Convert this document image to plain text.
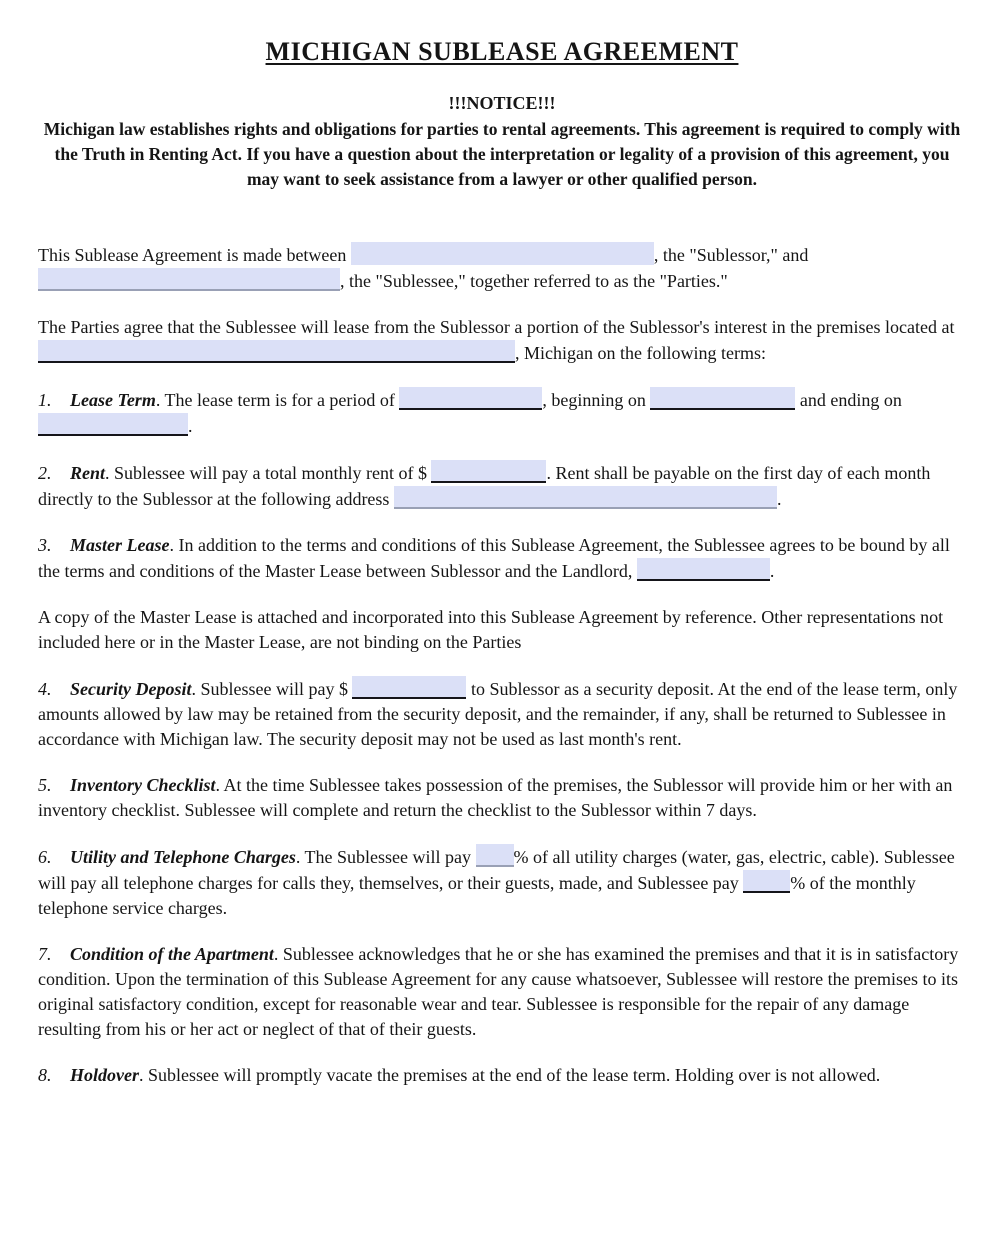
MICHIGAN SUBLEASE AGREEMENT
!!!NOTICE!!!
Michigan law establishes rights and obligations for parties to rental agreements. This agreement is required to comply with the Truth in Renting Act. If you have a question about the interpretation or legality of a provision of this agreement, you may want to seek assistance from a lawyer or other qualified person.

This Sublease Agreement is made between	, the "Sublessor," and , the "Sublessee," together referred to as the "Parties."

The Parties agree that the Sublessee will lease from the Sublessor a portion of the Sublessor's interest in the premises located at , Michigan on the following terms:

1. Lease Term. The lease term is for a period of	, beginning on	and ending on .

2. Rent. Sublessee will pay a total monthly rent of $	. Rent shall be payable on the first day of each month directly to the Sublessor at the following address	.

3. Master Lease. In addition to the terms and conditions of this Sublease Agreement, the Sublessee agrees to be bound by all the terms and conditions of the Master Lease between Sublessor and the Landlord,	.

A copy of the Master Lease is attached and incorporated into this Sublease Agreement by reference. Other representations not included here or in the Master Lease, are not binding on the Parties

4. Security Deposit. Sublessee will pay $	to Sublessor as a security deposit. At the end of the lease term, only amounts allowed by law may be retained from the security deposit, and the remainder, if any, shall be returned to Sublessee in accordance with Michigan law. The security deposit may not be used as last month's rent.

5. Inventory Checklist. At the time Sublessee takes possession of the premises, the Sublessor will provide him or her with an inventory checklist. Sublessee will complete and return the checklist to the Sublessor within 7 days.

6. Utility and Telephone Charges. The Sublessee will pay % of all utility charges (water, gas, electric, cable). Sublessee will pay all telephone charges for calls they, themselves, or their guests, made, and Sublessee pay	% of the monthly telephone service charges.

7. Condition of the Apartment. Sublessee acknowledges that he or she has examined the premises and that it is in satisfactory condition. Upon the termination of this Sublease Agreement for any cause whatsoever, Sublessee will restore the premises to its original satisfactory condition, except for reasonable wear and tear. Sublessee is responsible for the repair of any damage resulting from his or her act or neglect of that of their guests.

8. Holdover. Sublessee will promptly vacate the premises at the end of the lease term. Holding over is not allowed.
